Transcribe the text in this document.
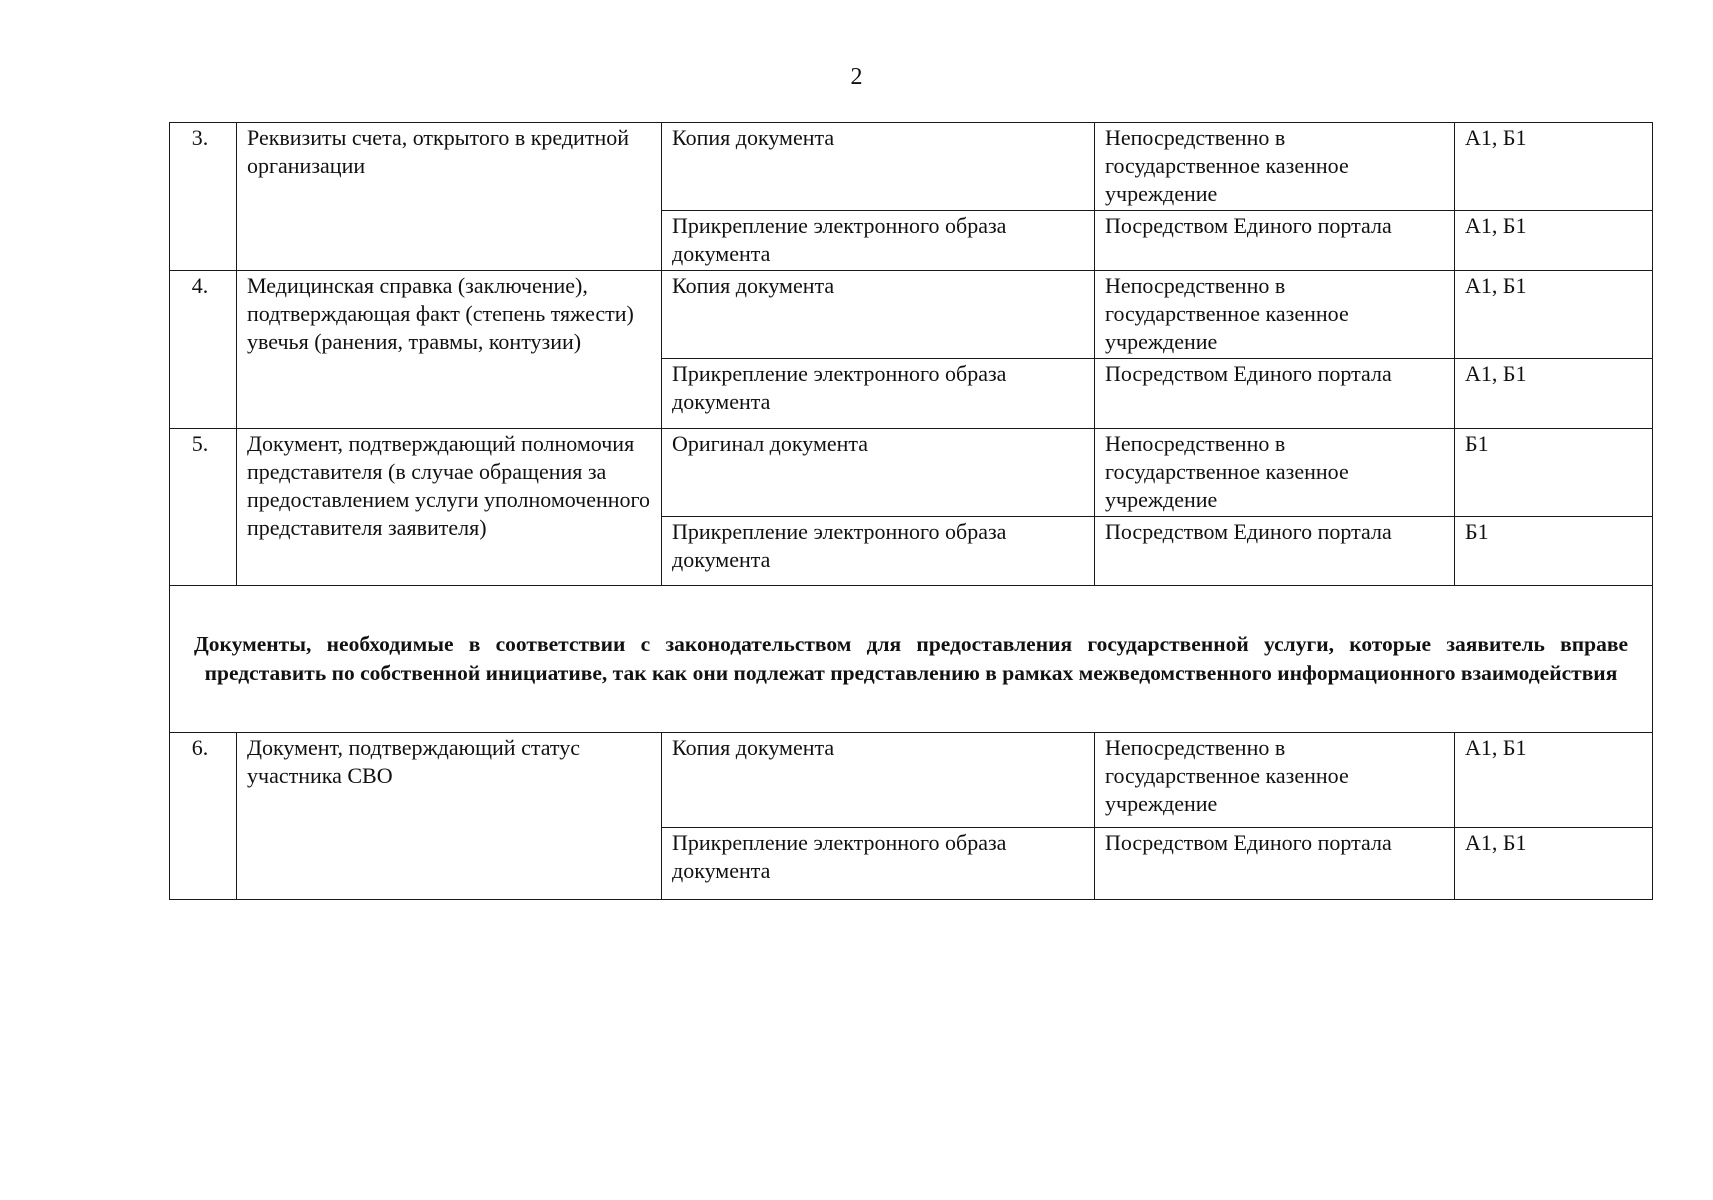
2
3.	Реквизиты счета, открытого в кредитной организации	Копия документа	Непосредственно в государственное казенное учреждение	А1, Б1
		Прикрепление электронного образа документа	Посредством Единого портала	А1, Б1
4.	Медицинская справка (заключение), подтверждающая факт (степень тяжести) увечья (ранения, травмы, контузии)	Копия документа	Непосредственно в государственное казенное учреждение	А1, Б1
		Прикрепление электронного образа документа	Посредством Единого портала	А1, Б1
5.	Документ, подтверждающий полномочия представителя (в случае обращения за предоставлением услуги уполномоченного представителя заявителя)	Оригинал документа	Непосредственно в государственное казенное учреждение	Б1
		Прикрепление электронного образа документа	Посредством Единого портала	Б1

Документы, необходимые в соответствии с законодательством для предоставления государственной услуги, которые заявитель вправе представить по собственной инициативе, так как они подлежат представлению в рамках межведомственного информационного взаимодействия				

6.	Документ, подтверждающий статус участника СВО	Копия документа	Непосредственно в государственное казенное учреждение	А1, Б1
		Прикрепление электронного образа документа	Посредством Единого портала	А1, Б1
